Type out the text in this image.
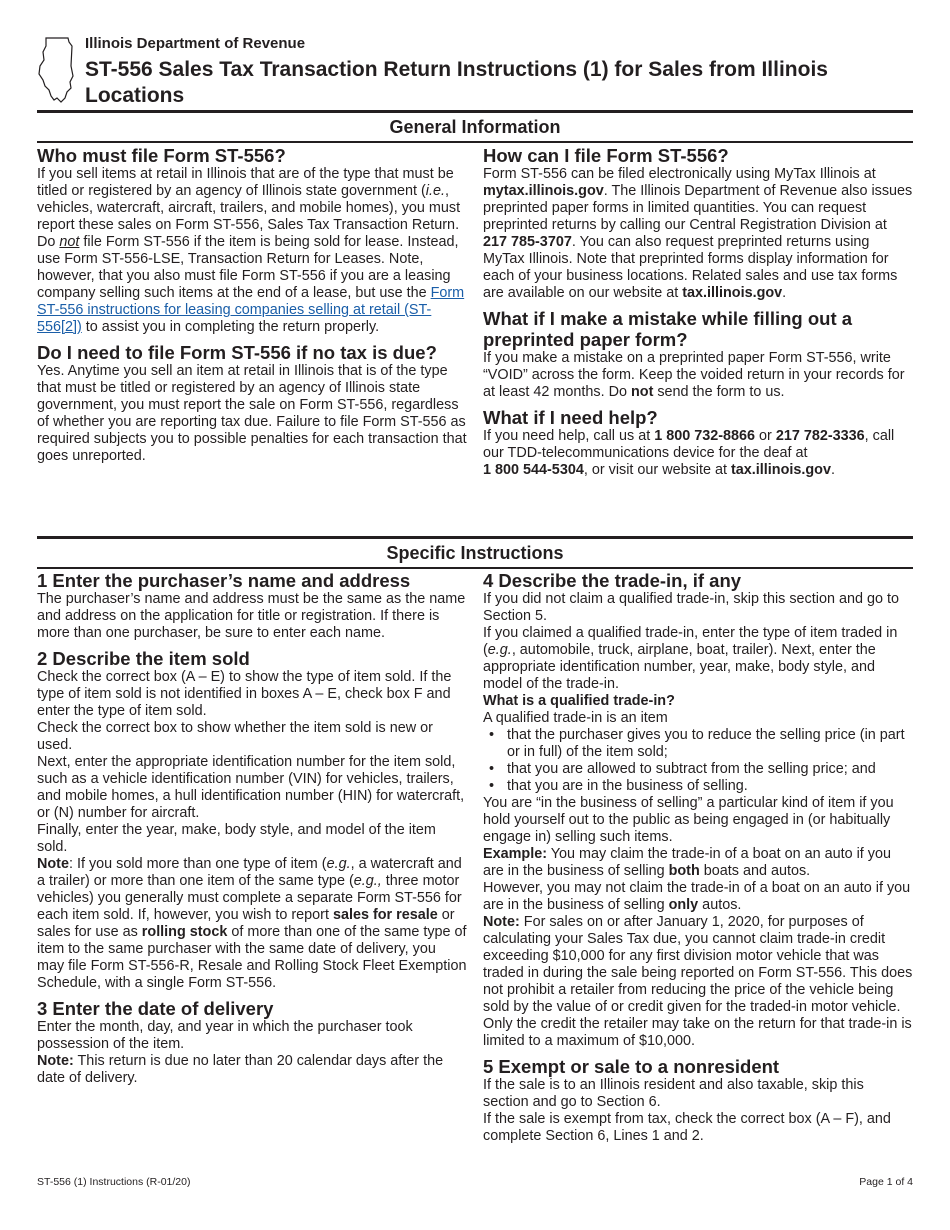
Illinois Department of Revenue
ST-556 Sales Tax Transaction Return Instructions (1) for Sales from Illinois Locations
General Information
Who must file Form ST-556?

If you sell items at retail in Illinois that are of the type that must be titled or registered by an agency of Illinois state government (i.e., vehicles, watercraft, aircraft, trailers, and mobile homes), you must report these sales on Form ST-556, Sales Tax Transaction Return. Do not file Form ST-556 if the item is being sold for lease. Instead, use Form ST-556-LSE, Transaction Return for Leases. Note, however, that you also must file Form ST-556 if you are a leasing company selling such items at the end of a lease, but use the Form ST-556 instructions for leasing companies selling at retail (ST-556[2]) to assist you in completing the return properly.

Do I need to file Form ST-556 if no tax is due?

Yes. Anytime you sell an item at retail in Illinois that is of the type that must be titled or registered by an agency of Illinois state government, you must report the sale on Form ST-556, regardless of whether you are reporting tax due. Failure to file Form ST-556 as required subjects you to possible penalties for each transaction that goes unreported.

How can I file Form ST-556?

Form ST-556 can be filed electronically using MyTax Illinois at mytax.illinois.gov. The Illinois Department of Revenue also issues preprinted paper forms in limited quantities. You can request preprinted returns by calling our Central Registration Division at 217 785-3707. You can also request preprinted returns using MyTax Illinois. Note that preprinted forms display information for each of your business locations. Related sales and use tax forms are available on our website at tax.illinois.gov.

What if I make a mistake while filling out a preprinted paper form?

If you make a mistake on a preprinted paper Form ST-556, write “VOID” across the form. Keep the voided return in your records for at least 42 months. Do not send the form to us.

What if I need help?

If you need help, call us at 1 800 732-8866 or 217 782-3336, call our TDD-telecommunications device for the deaf at
1 800 544-5304, or visit our website at tax.illinois.gov.

Specific Instructions
1 Enter the purchaser’s name and address

The purchaser’s name and address must be the same as the name and address on the application for title or registration. If there is more than one purchaser, be sure to enter each name.

2 Describe the item sold

Check the correct box (A – E) to show the type of item sold. If the type of item sold is not identified in boxes A – E, check box F and enter the type of item sold.

Check the correct box to show whether the item sold is new or used.

Next, enter the appropriate identification number for the item sold, such as a vehicle identification number (VIN) for vehicles, trailers, and mobile homes, a hull identification number (HIN) for watercraft, or (N) number for aircraft.

Finally, enter the year, make, body style, and model of the item sold.

Note: If you sold more than one type of item (e.g., a watercraft and a trailer) or more than one item of the same type (e.g., three motor vehicles) you generally must complete a separate Form ST-556 for each item sold. If, however, you wish to report sales for resale or sales for use as rolling stock of more than one of the same type of item to the same purchaser with the same date of delivery, you may file Form ST-556-R, Resale and Rolling Stock Fleet Exemption Schedule, with a single Form ST-556.

3 Enter the date of delivery

Enter the month, day, and year in which the purchaser took possession of the item.

Note: This return is due no later than 20 calendar days after the date of delivery.

4 Describe the trade-in, if any

If you did not claim a qualified trade-in, skip this section and go to Section 5.

If you claimed a qualified trade-in, enter the type of item traded in (e.g., automobile, truck, airplane, boat, trailer). Next, enter the appropriate identification number, year, make, body style, and model of the trade-in.

What is a qualified trade-in?

A qualified trade-in is an item

• that the purchaser gives you to reduce the selling price (in part or in full) of the item sold;
• that you are allowed to subtract from the selling price; and
• that you are in the business of selling.

You are “in the business of selling” a particular kind of item if you hold yourself out to the public as being engaged in (or habitually engage in) selling such items.

Example: You may claim the trade-in of a boat on an auto if you are in the business of selling both boats and autos.

However, you may not claim the trade-in of a boat on an auto if you are in the business of selling only autos.

Note: For sales on or after January 1, 2020, for purposes of calculating your Sales Tax due, you cannot claim trade-in credit exceeding $10,000 for any first division motor vehicle that was traded in during the sale being reported on Form ST-556. This does not prohibit a retailer from reducing the price of the vehicle being sold by the value of or credit given for the traded-in motor vehicle. Only the credit the retailer may take on the return for that trade-in is limited to a maximum of $10,000.

5 Exempt or sale to a nonresident

If the sale is to an Illinois resident and also taxable, skip this section and go to Section 6.

If the sale is exempt from tax, check the correct box (A – F), and complete Section 6, Lines 1 and 2.

ST-556 (1) Instructions (R-01/20)	Page 1 of 4
